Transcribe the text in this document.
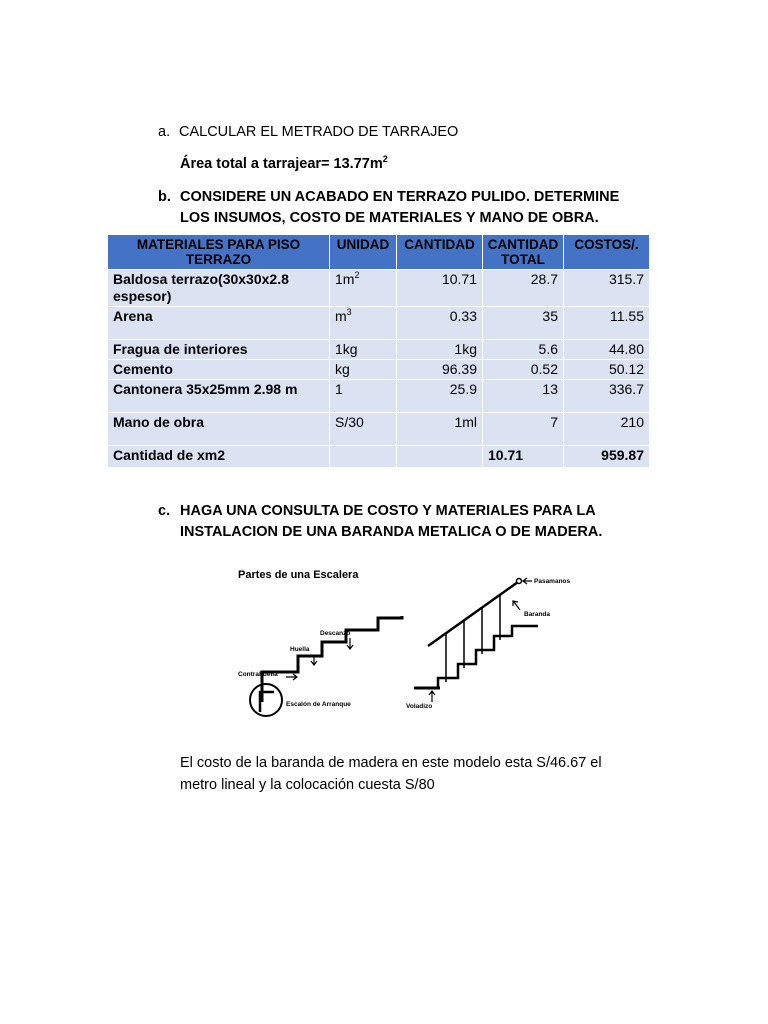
a. CALCULAR EL METRADO DE TARRAJEO
Área total a tarrajear= $13.77m^2$
b. CONSIDERE UN ACABADO EN TERRAZO PULIDO. DETERMINE LOS INSUMOS, COSTO DE MATERIALES Y MANO DE OBRA.
MATERIALES PARA PISO TERRAZO	UNIDAD	CANTIDAD	CANTIDAD TOTAL	COSTOS/.
Baldosa terrazo(30x30x2.8 espesor)	$1m^2$	10.71	28.7	315.7
Arena	$m^3$	0.33	35	11.55
Fragua de interiores	1kg	1kg	5.6	44.80
Cemento	kg	96.39	0.52	50.12
Cantonera 35x25mm 2.98 m	1	25.9	13	336.7
Mano de obra	S/30	1ml	7	210
Cantidad de xm2			10.71	959.87
c. HAGA UNA CONSULTA DE COSTO Y MATERIALES PARA LA INSTALACION DE UNA BARANDA METALICA O DE MADERA.
Partes de una Escalera
Descanzo
Huella
Contrahuella
Escalón de Arranque
Pasamanos
Baranda
Voladizo
El costo de la baranda de madera en este modelo esta S/46.67 el metro lineal y la colocación cuesta S/80
